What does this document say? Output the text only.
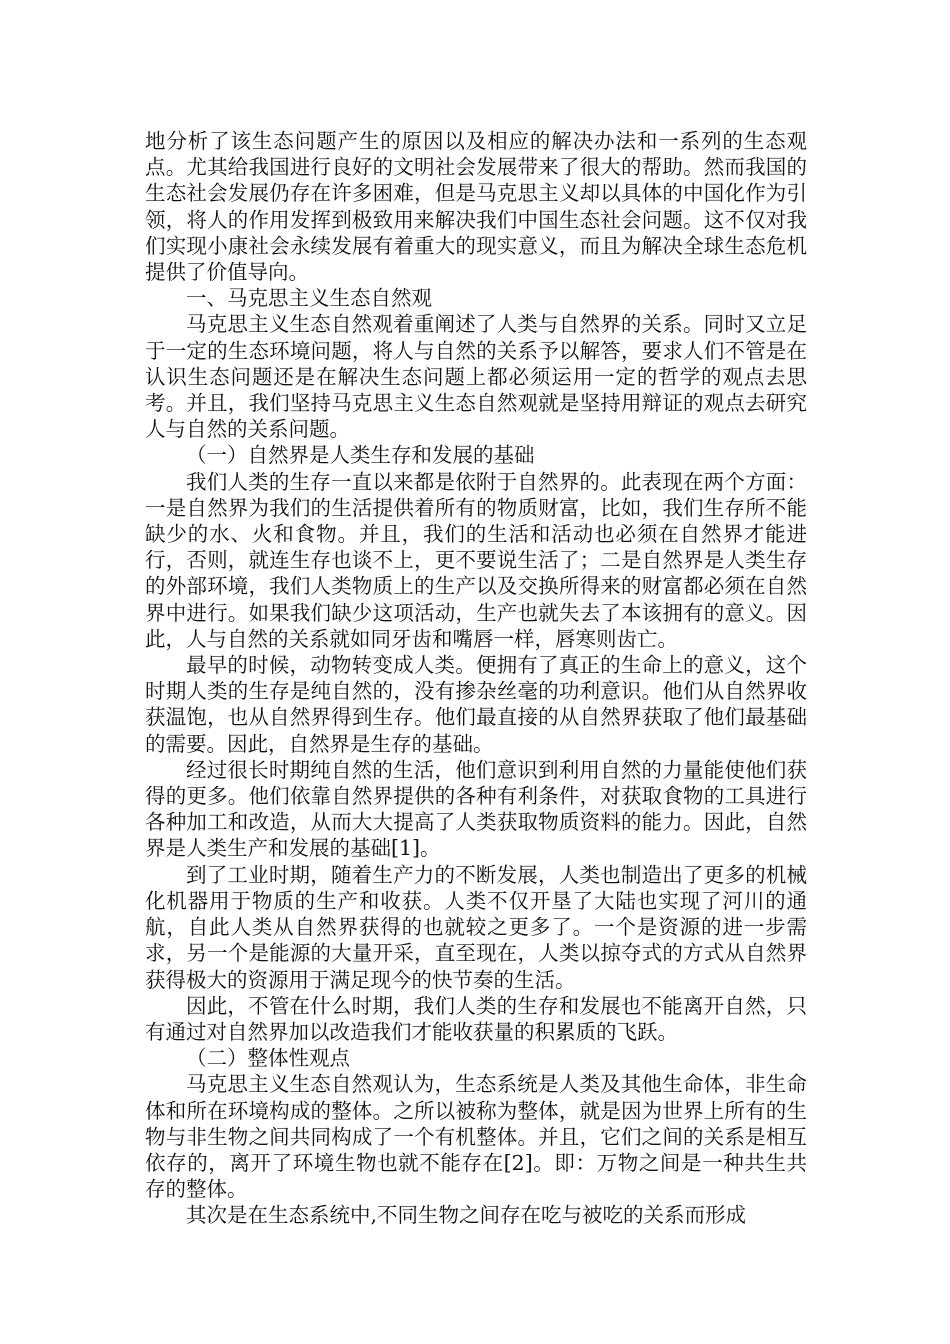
地分析了该生态问题产生的原因以及相应的解决办法和一系列的生态观点。尤其给我国进行良好的文明社会发展带来了很大的帮助。然而我国的生态社会发展仍存在许多困难，但是马克思主义却以具体的中国化作为引领，将人的作用发挥到极致用来解决我们中国生态社会问题。这不仅对我们实现小康社会永续发展有着重大的现实意义，而且为解决全球生态危机提供了价值导向。

一、马克思主义生态自然观

马克思主义生态自然观着重阐述了人类与自然界的关系。同时又立足于一定的生态环境问题，将人与自然的关系予以解答，要求人们不管是在认识生态问题还是在解决生态问题上都必须运用一定的哲学的观点去思考。并且，我们坚持马克思主义生态自然观就是坚持用辩证的观点去研究人与自然的关系问题。

（一）自然界是人类生存和发展的基础

我们人类的生存一直以来都是依附于自然界的。此表现在两个方面：一是自然界为我们的生活提供着所有的物质财富，比如，我们生存所不能缺少的水、火和食物。并且，我们的生活和活动也必须在自然界才能进行，否则，就连生存也谈不上，更不要说生活了；二是自然界是人类生存的外部环境，我们人类物质上的生产以及交换所得来的财富都必须在自然界中进行。如果我们缺少这项活动，生产也就失去了本该拥有的意义。因此，人与自然的关系就如同牙齿和嘴唇一样，唇寒则齿亡。

最早的时候，动物转变成人类。便拥有了真正的生命上的意义，这个时期人类的生存是纯自然的，没有掺杂丝毫的功利意识。他们从自然界收获温饱，也从自然界得到生存。他们最直接的从自然界获取了他们最基础的需要。因此，自然界是生存的基础。

经过很长时期纯自然的生活，他们意识到利用自然的力量能使他们获得的更多。他们依靠自然界提供的各种有利条件，对获取食物的工具进行各种加工和改造，从而大大提高了人类获取物质资料的能力。因此，自然界是人类生产和发展的基础[1]。

到了工业时期，随着生产力的不断发展，人类也制造出了更多的机械化机器用于物质的生产和收获。人类不仅开垦了大陆也实现了河川的通航，自此人类从自然界获得的也就较之更多了。一个是资源的进一步需求，另一个是能源的大量开采，直至现在，人类以掠夺式的方式从自然界获得极大的资源用于满足现今的快节奏的生活。

因此，不管在什么时期，我们人类的生存和发展也不能离开自然，只有通过对自然界加以改造我们才能收获量的积累质的飞跃。

（二）整体性观点

马克思主义生态自然观认为，生态系统是人类及其他生命体，非生命体和所在环境构成的整体。之所以被称为整体，就是因为世界上所有的生物与非生物之间共同构成了一个有机整体。并且，它们之间的关系是相互依存的，离开了环境生物也就不能存在[2]。即：万物之间是一种共生共存的整体。

其次是在生态系统中,不同生物之间存在吃与被吃的关系而形成
